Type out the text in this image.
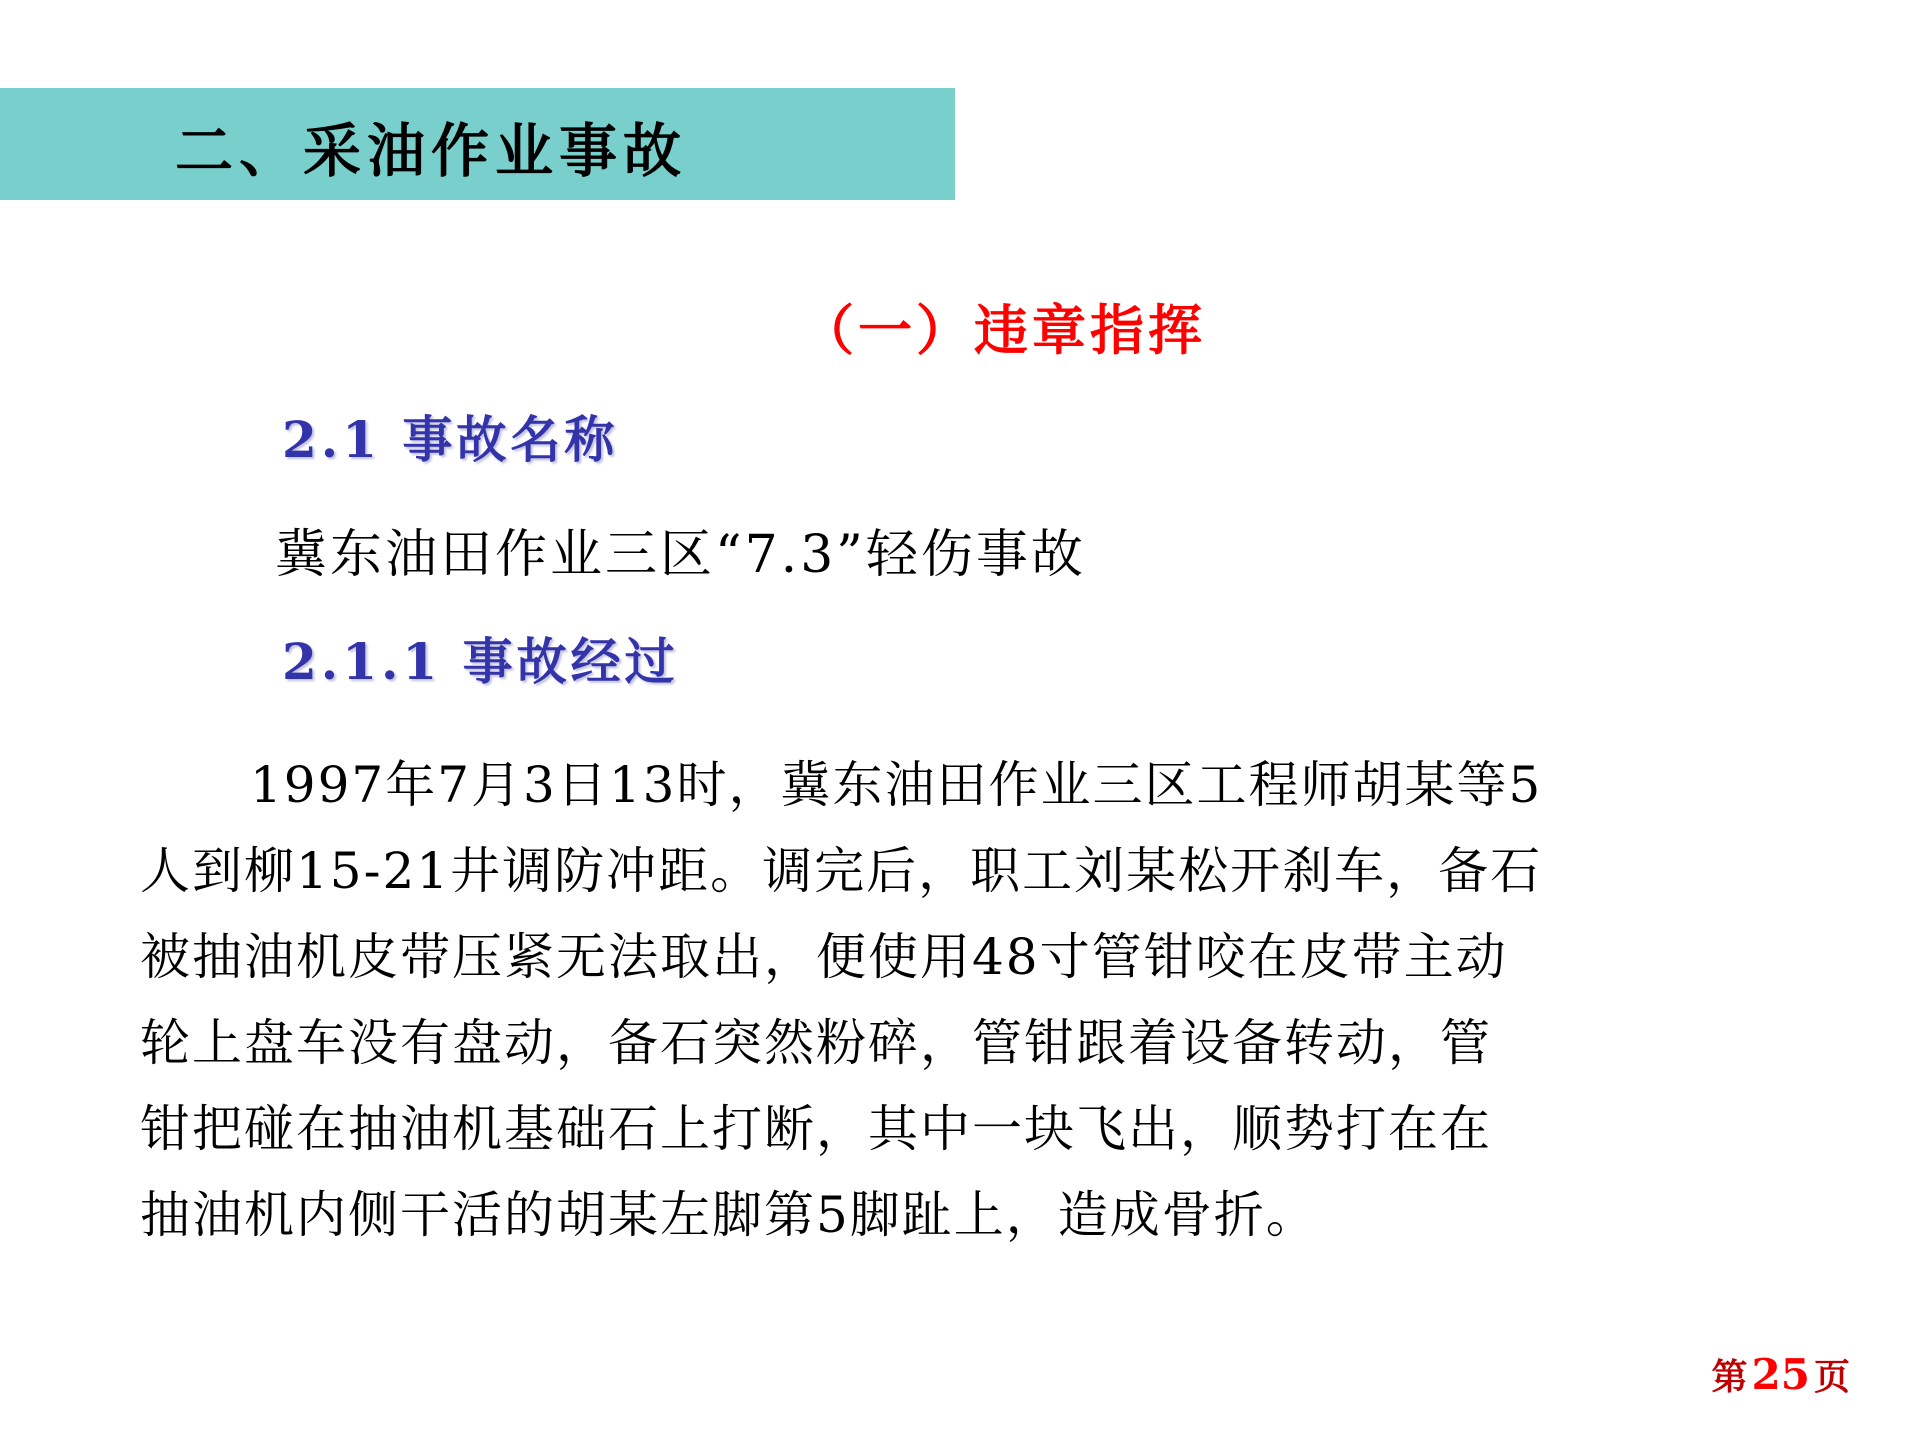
二、采油作业事故
（一）违章指挥
2.1 事故名称
冀东油田作业三区“7.3”轻伤事故
2.1.1 事故经过
1997年7月3日13时，冀东油田作业三区工程师胡某等5
人到柳15-21井调防冲距。调完后，职工刘某松开刹车，备石
被抽油机皮带压紧无法取出，便使用48寸管钳咬在皮带主动
轮上盘车没有盘动，备石突然粉碎，管钳跟着设备转动，管
钳把碰在抽油机基础石上打断，其中一块飞出，顺势打在在
抽油机内侧干活的胡某左脚第5脚趾上，造成骨折。
第25 页
